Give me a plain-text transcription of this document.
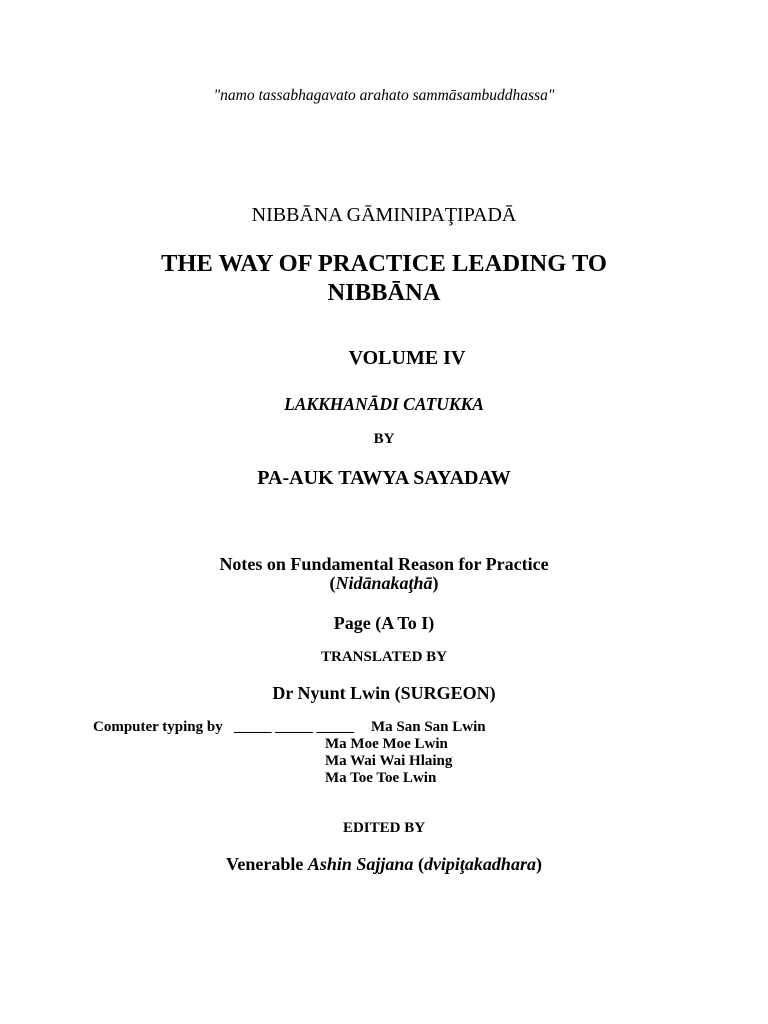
"namo tassabhagavato arahato sammāsambuddhassa"
NIBBĀNA GĀMINIPAŢIPADĀ
THE WAY OF PRACTICE LEADING TO
NIBBĀNA
VOLUME IV
LAKKHANĀDI CATUKKA
BY
PA-AUK TAWYA SAYADAW
Notes on Fundamental Reason for Practice
(Nidānakaţhā)
Page (A To I)
TRANSLATED BY
Dr Nyunt Lwin (SURGEON)
Computer typing by _____ _____ _____ Ma San San Lwin
Ma Moe Moe Lwin
Ma Wai Wai Hlaing
Ma Toe Toe Lwin
EDITED BY
Venerable Ashin Sajjana (dvipiţakadhara)
